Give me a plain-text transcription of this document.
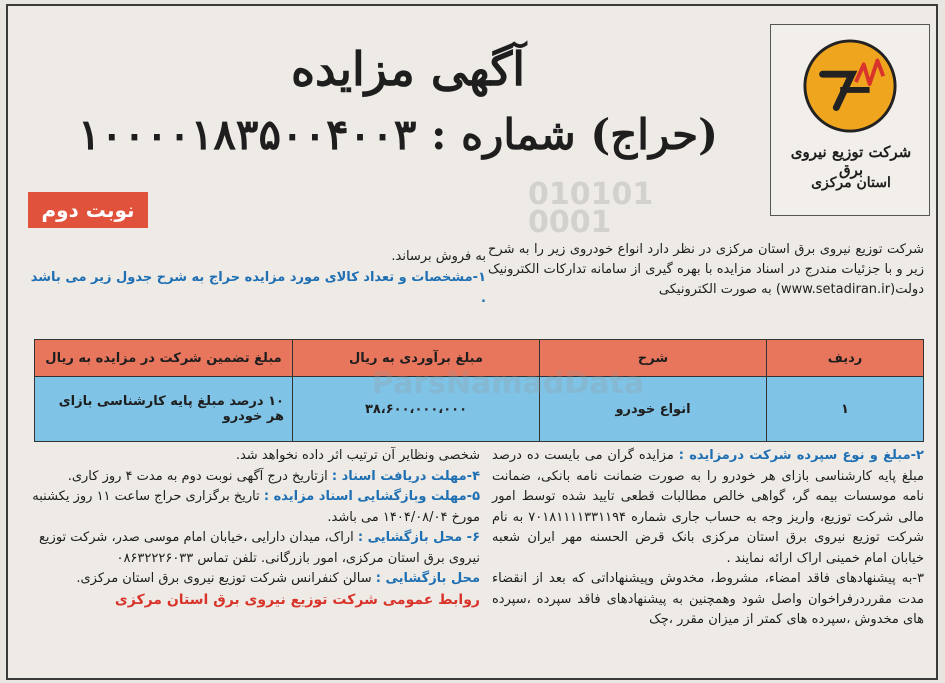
شرکت توزیع نیروی برق
استان مرکزی
010101
0001
آگهی مزایده
(حراج) شماره : ۱۰۰۰۰۱۸۳۵۰۰۴۰۰۳
نوبت دوم
شرکت توزیع نیروی برق استان مرکزی در نظر دارد انواع خودروی زیر را به شرح زیر و با جزئیات مندرج در اسناد مزایده با بهره گیری از سامانه تدارکات الکترونیک دولت(www.setadiran.ir) به صورت الکترونیکی
به فروش برساند.
۱-مشخصات و تعداد کالای مورد مزایده حراج به شرح جدول زیر می باشد .
ردیف	شرح	مبلغ برآوردی به ریال	مبلغ تضمین شرکت در مزایده به ریال
۱	انواع خودرو	۳۸،۶۰۰،۰۰۰،۰۰۰	۱۰ درصد مبلغ پایه کارشناسی بازای هر خودرو
ParsNamadData
۲-مبلغ و نوع سپرده شرکت درمزایده : مزایده گران می بایست ده درصد مبلغ پایه کارشناسی بازای هر خودرو را به صورت ضمانت نامه بانکی، ضمانت نامه موسسات بیمه گر، گواهی خالص مطالبات قطعی تایید شده توسط امور مالی شرکت توزیع، واریز وجه به حساب جاری شماره ۷۰۱۸۱۱۱۱۳۳۱۱۹۴ به نام شرکت توزیع نیروی برق استان مرکزی بانک قرض الحسنه مهر ایران شعبه خیابان امام خمینی اراک ارائه نمایند .
۳-به پیشنهادهای فاقد امضاء، مشروط، مخدوش وپیشنهاداتی که بعد از انقضاء مدت مقرردرفراخوان واصل شود وهمچنین به پیشنهادهای فاقد سپرده ،سپرده های مخدوش ،سپرده های کمتر از میزان مقرر ،چک
شخصی ونظایر آن ترتیب اثر داده نخواهد شد.
۴-مهلت دریافت اسناد : ازتاریخ درج آگهی نوبت دوم به مدت ۴ روز کاری.
۵-مهلت وبازگشایی اسناد مزایده : تاریخ برگزاری حراج ساعت ۱۱ روز یکشنبه مورخ ۱۴۰۴/۰۸/۰۴ می باشد.
۶- محل بازگشایی : اراک، میدان دارایی ،خیابان امام موسی صدر، شرکت توزیع نیروی برق استان مرکزی، امور بازرگانی. تلفن تماس ۰۸۶۳۲۲۲۶۰۳۳
محل بازگشایی : سالن کنفرانس شرکت توزیع نیروی برق استان مرکزی.
روابط عمومی شرکت توزیع نیروی برق استان مرکزی
